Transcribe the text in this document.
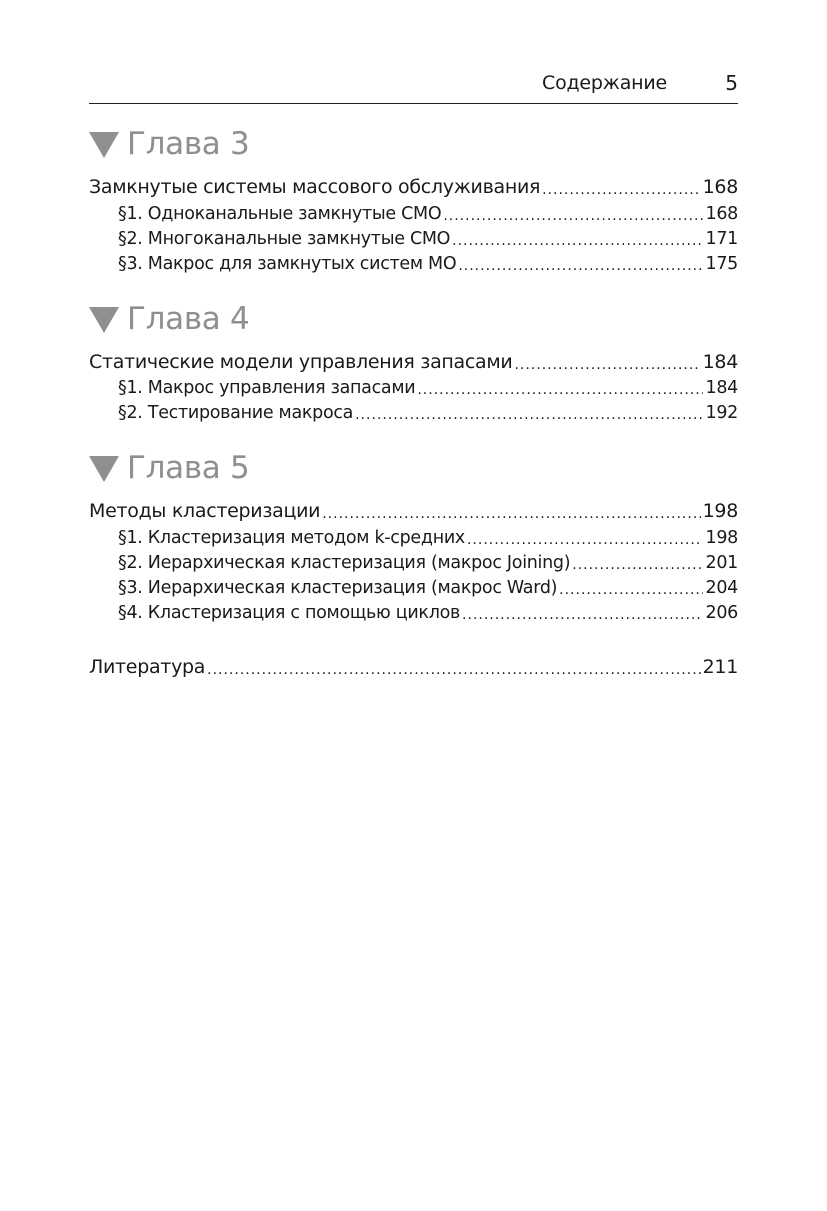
Содержание	5
Глава 3
Замкнутые системы массового обслуживания .....	168
§1. Одноканальные замкнутые СМО .....	168
§2. Многоканальные замкнутые СМО .....	171
§3. Макрос для замкнутых систем МО .....	175
Глава 4
Статические модели управления запасами .....	184
§1. Макрос управления запасами .....	184
§2. Тестирование макроса .....	192
Глава 5
Методы кластеризации .....	198
§1. Кластеризация методом k-средних .....	198
§2. Иерархическая кластеризация (макрос Joining) .....	201
§3. Иерархическая кластеризация (макрос Ward) .....	204
§4. Кластеризация с помощью циклов .....	206
Литература .....	211
